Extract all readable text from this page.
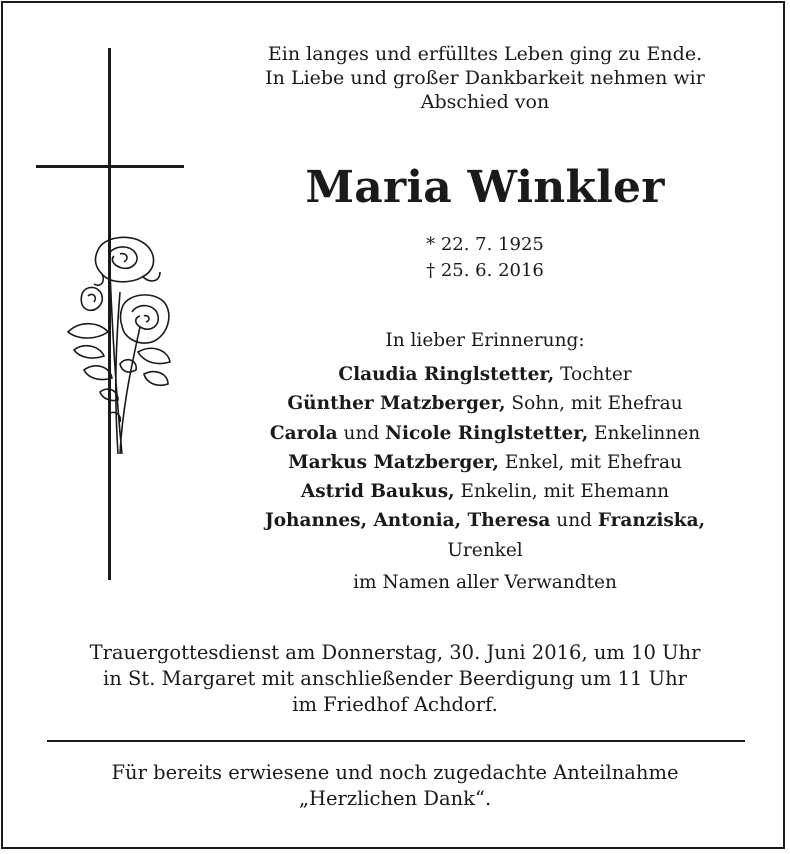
Ein langes und erfülltes Leben ging zu Ende.
In Liebe und großer Dankbarkeit nehmen wir
Abschied von
Maria Winkler
* 22. 7. 1925
† 25. 6. 2016
In lieber Erinnerung:
Claudia Ringlstetter, Tochter
Günther Matzberger, Sohn, mit Ehefrau
Carola und Nicole Ringlstetter, Enkelinnen
Markus Matzberger, Enkel, mit Ehefrau
Astrid Baukus, Enkelin, mit Ehemann
Johannes, Antonia, Theresa und Franziska,
Urenkel
im Namen aller Verwandten
Trauergottesdienst am Donnerstag, 30. Juni 2016, um 10 Uhr
in St. Margaret mit anschließender Beerdigung um 11 Uhr
im Friedhof Achdorf.
Für bereits erwiesene und noch zugedachte Anteilnahme
„Herzlichen Dank“.
